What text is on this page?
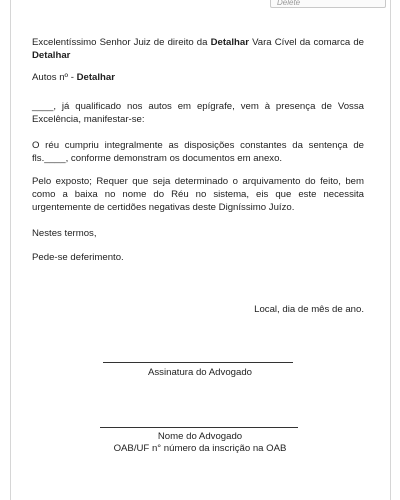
Delete

Excelentíssimo Senhor Juiz de direito da Detalhar Vara Cível da comarca de Detalhar

Autos nº - Detalhar

____, já qualificado nos autos em epígrafe, vem à presença de Vossa Excelência, manifestar-se:

O réu cumpriu integralmente as disposições constantes da sentença de fls.____, conforme demonstram os documentos em anexo.

Pelo exposto; Requer que seja determinado o arquivamento do feito, bem como a baixa no nome do Réu no sistema, eis que este necessita urgentemente de certidões negativas deste Digníssimo Juízo.

Nestes termos,

Pede-se deferimento.

Local, dia de mês de ano.
Assinatura do Advogado
Nome do Advogado
OAB/UF n° número da inscrição na OAB
